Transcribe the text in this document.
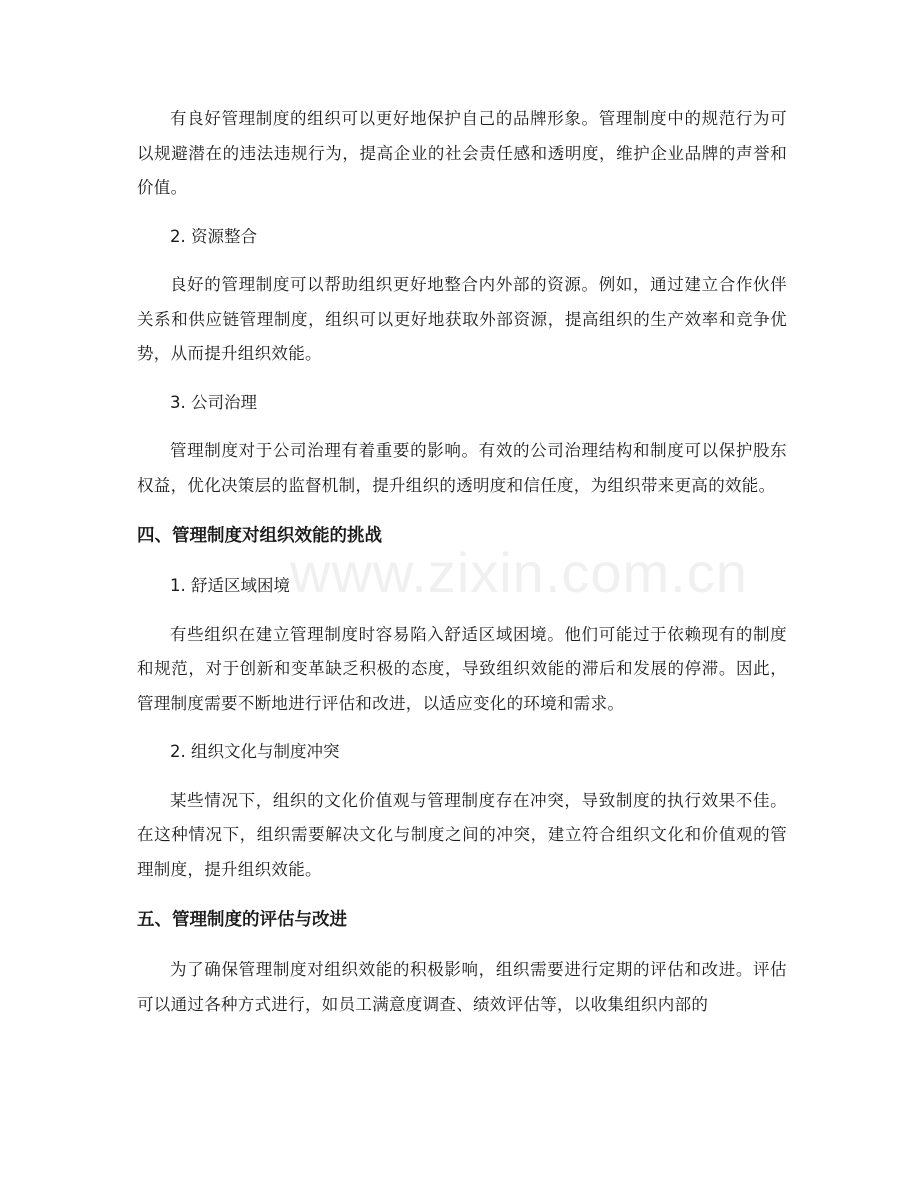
有良好管理制度的组织可以更好地保护自己的品牌形象。管理制度中的规范行为可以规避潜在的违法违规行为，提高企业的社会责任感和透明度，维护企业品牌的声誉和价值。

2. 资源整合

良好的管理制度可以帮助组织更好地整合内外部的资源。例如，通过建立合作伙伴关系和供应链管理制度，组织可以更好地获取外部资源，提高组织的生产效率和竞争优势，从而提升组织效能。

3. 公司治理

管理制度对于公司治理有着重要的影响。有效的公司治理结构和制度可以保护股东权益，优化决策层的监督机制，提升组织的透明度和信任度，为组织带来更高的效能。

四、管理制度对组织效能的挑战

1. 舒适区域困境

有些组织在建立管理制度时容易陷入舒适区域困境。他们可能过于依赖现有的制度和规范，对于创新和变革缺乏积极的态度，导致组织效能的滞后和发展的停滞。因此，管理制度需要不断地进行评估和改进，以适应变化的环境和需求。

2. 组织文化与制度冲突

某些情况下，组织的文化价值观与管理制度存在冲突，导致制度的执行效果不佳。在这种情况下，组织需要解决文化与制度之间的冲突，建立符合组织文化和价值观的管理制度，提升组织效能。

五、管理制度的评估与改进

为了确保管理制度对组织效能的积极影响，组织需要进行定期的评估和改进。评估可以通过各种方式进行，如员工满意度调查、绩效评估等，以收集组织内部的

www.zixin.com.cn
